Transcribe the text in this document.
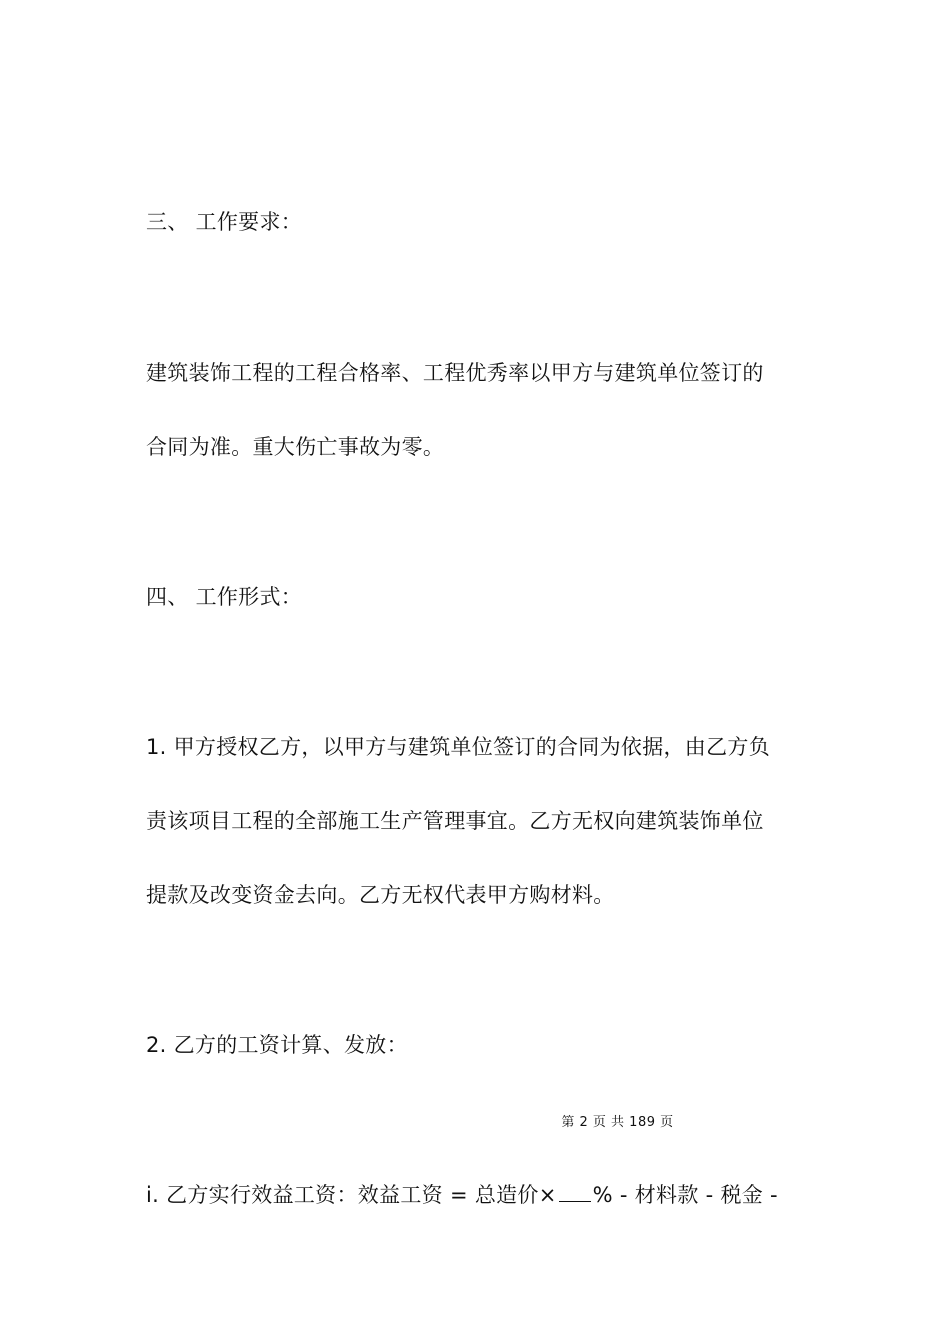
三、 工作要求：
建筑装饰工程的工程合格率、工程优秀率以甲方与建筑单位签订的
合同为准。重大伤亡事故为零。
四、 工作形式：
1. 甲方授权乙方，以甲方与建筑单位签订的合同为依据，由乙方负
责该项目工程的全部施工生产管理事宜。乙方无权向建筑装饰单位
提款及改变资金去向。乙方无权代表甲方购材料。
2. 乙方的工资计算、发放：
第 2 页 共 189 页
i. 乙方实行效益工资：效益工资 = 总造价× % - 材料款 - 税金 -
